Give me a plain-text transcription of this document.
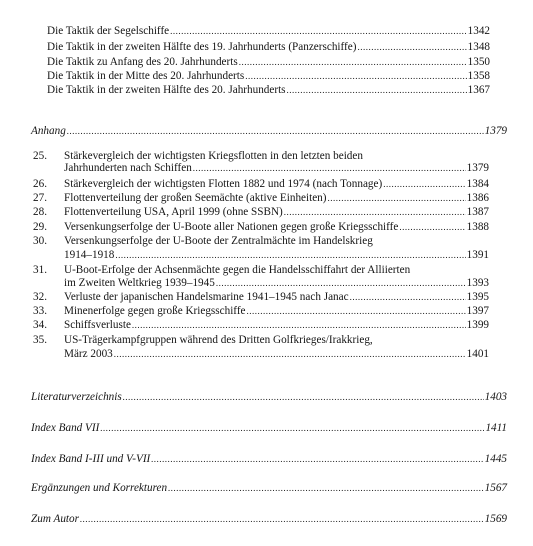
Die Taktik der Segelschiffe .....	1342
Die Taktik in der zweiten Hälfte des 19. Jahrhunderts (Panzerschiffe) .....	1348
Die Taktik zu Anfang des 20. Jahrhunderts .....	1350
Die Taktik in der Mitte des 20. Jahrhunderts .....	1358
Die Taktik in der zweiten Hälfte des 20. Jahrhunderts .....	1367
Anhang .....	1379
25. Stärkevergleich der wichtigsten Kriegsflotten in den letzten beiden
Jahrhunderten nach Schiffen .....	1379
26. Stärkevergleich der wichtigsten Flotten 1882 und 1974 (nach Tonnage) .....	1384
27. Flottenverteilung der großen Seemächte (aktive Einheiten) .....	1386
28. Flottenverteilung USA, April 1999 (ohne SSBN) .....	1387
29. Versenkungserfolge der U-Boote aller Nationen gegen große Kriegsschiffe .....	1388
30. Versenkungserfolge der U-Boote der Zentralmächte im Handelskrieg
1914–1918 .....	1391
31. U-Boot-Erfolge der Achsenmächte gegen die Handelsschiffahrt der Alliierten
im Zweiten Weltkrieg 1939–1945 .....	1393
32. Verluste der japanischen Handelsmarine 1941–1945 nach Janac .....	1395
33. Minenerfolge gegen große Kriegsschiffe .....	1397
34. Schiffsverluste .....	1399
35. US-Trägerkampfgruppen während des Dritten Golfkrieges/Irakkrieg,
März 2003 .....	1401
Literaturverzeichnis .....	1403
Index Band VII .....	1411
Index Band I-III und V-VII .....	1445
Ergänzungen und Korrekturen .....	1567
Zum Autor .....	1569
